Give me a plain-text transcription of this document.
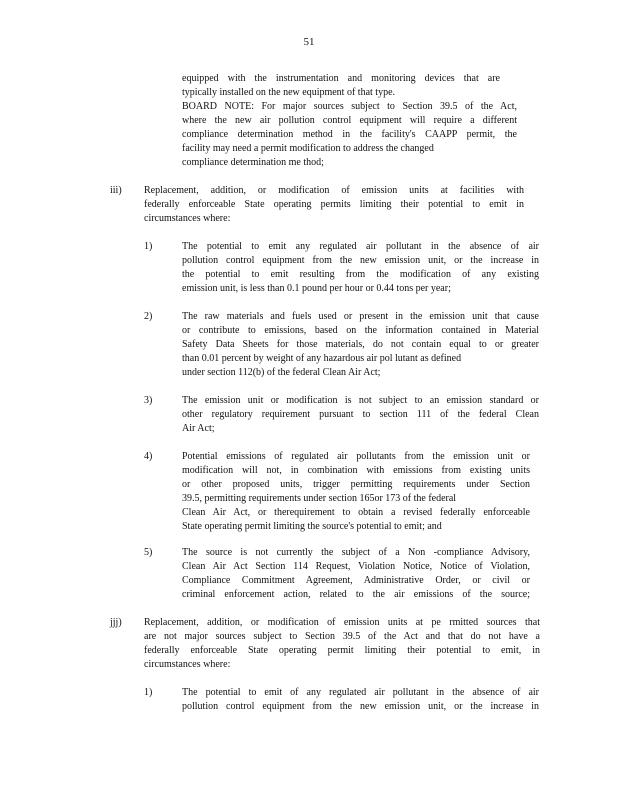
51
equipped with the instrumentation and monitoring devices that are
typically installed on the new equipment of that type.
BOARD NOTE: For major sources subject to Section 39.5 of the Act,
where the new air pollution control equipment will require a different
compliance determination method in the facility's CAAPP permit, the
facility may need a permit modification to address the changed
compliance determination me thod;
iii) Replacement, addition, or modification of emission units at facilities with
federally enforceable State operating permits limiting their potential to emit in
circumstances where:
1)	The potential to emit any regulated air pollutant in the absence of air
pollution control equipment from the new emission unit, or the increase in
the potential to emit resulting from the modification of any existing
emission unit, is less than 0.1 pound per hour or 0.44 tons per year;
2)	The raw materials and fuels used or present in the emission unit that cause
or contribute to emissions, based on the information contained in Material
Safety Data Sheets for those materials, do not contain equal to or greater
than 0.01 percent by weight of any hazardous air pol lutant as defined
under section 112(b) of the federal Clean Air Act;
3)	The emission unit or modification is not subject to an emission standard or
other regulatory requirement pursuant to section 111 of the federal Clean
Air Act;
4)	Potential emissions of regulated air pollutants from the emission unit or
modification will not, in combination with emissions from existing units
or other proposed units, trigger permitting requirements under Section
39.5, permitting requirements under section 165or 173 of the federal
Clean Air Act, or therequirement to obtain a revised federally enforceable
State operating permit limiting the source's potential to emit; and
5)	The source is not currently the subject of a Non -compliance Advisory,
Clean Air Act Section 114 Request, Violation Notice, Notice of Violation,
Compliance Commitment Agreement, Administrative Order, or civil or
criminal enforcement action, related to the air emissions of the source;
jjj) Replacement, addition, or modification of emission units at pe rmitted sources that
are not major sources subject to Section 39.5 of the Act and that do not have a
federally enforceable State operating permit limiting their potential to emit, in
circumstances where:
1)	The potential to emit of any regulated air pollutant in the absence of air
pollution control equipment from the new emission unit, or the increase in
